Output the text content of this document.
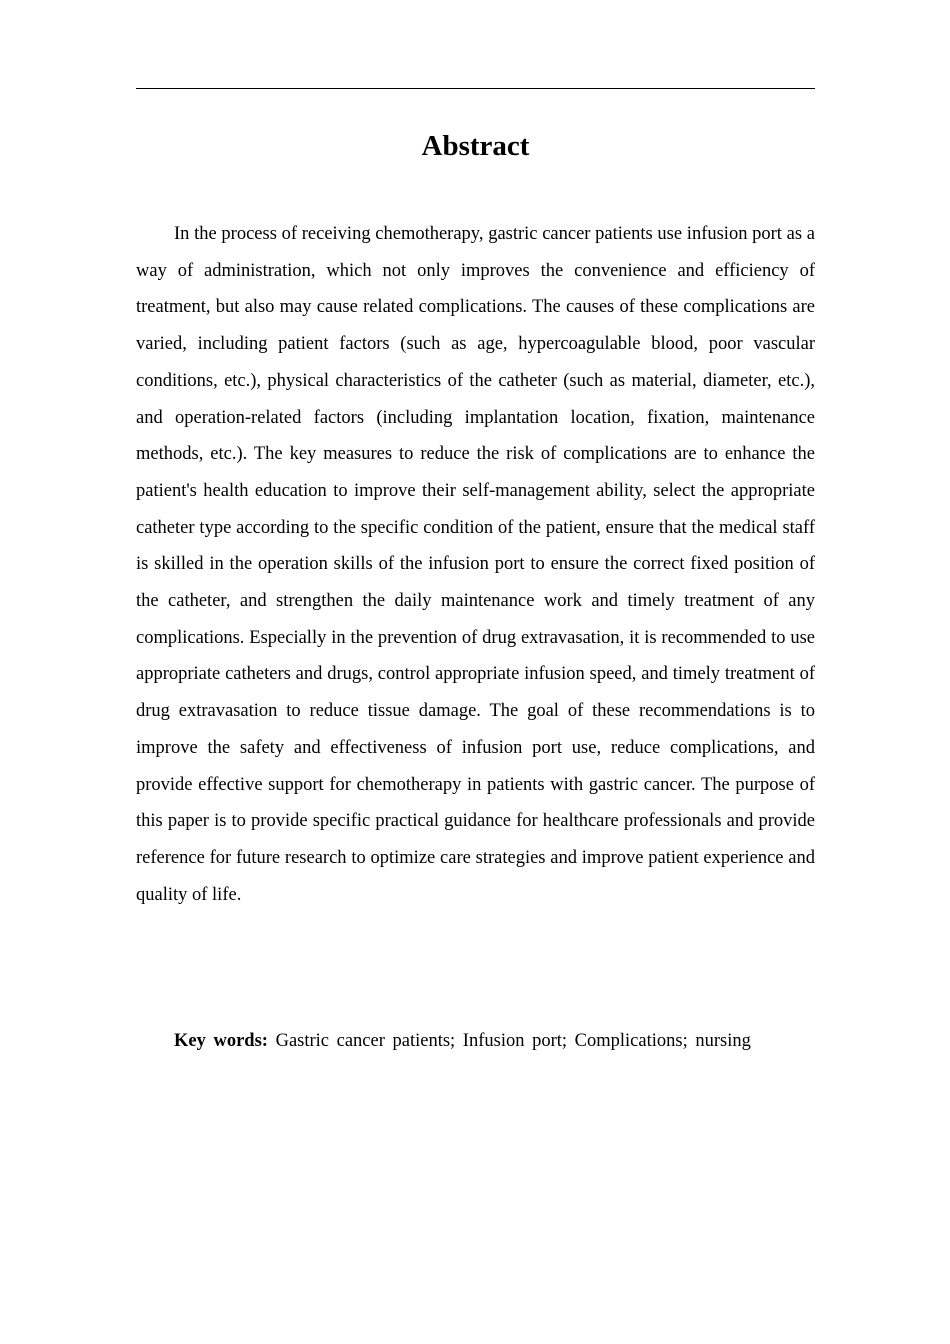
Abstract

In the process of receiving chemotherapy, gastric cancer patients use infusion port as a way of administration, which not only improves the convenience and efficiency of treatment, but also may cause related complications. The causes of these complications are varied, including patient factors (such as age, hypercoagulable blood, poor vascular conditions, etc.), physical characteristics of the catheter (such as material, diameter, etc.), and operation-related factors (including implantation location, fixation, maintenance methods, etc.). The key measures to reduce the risk of complications are to enhance the patient's health education to improve their self-management ability, select the appropriate catheter type according to the specific condition of the patient, ensure that the medical staff is skilled in the operation skills of the infusion port to ensure the correct fixed position of the catheter, and strengthen the daily maintenance work and timely treatment of any complications. Especially in the prevention of drug extravasation, it is recommended to use appropriate catheters and drugs, control appropriate infusion speed, and timely treatment of drug extravasation to reduce tissue damage. The goal of these recommendations is to improve the safety and effectiveness of infusion port use, reduce complications, and provide effective support for chemotherapy in patients with gastric cancer. The purpose of this paper is to provide specific practical guidance for healthcare professionals and provide reference for future research to optimize care strategies and improve patient experience and quality of life.

Key words: Gastric cancer patients; Infusion port; Complications; nursing
